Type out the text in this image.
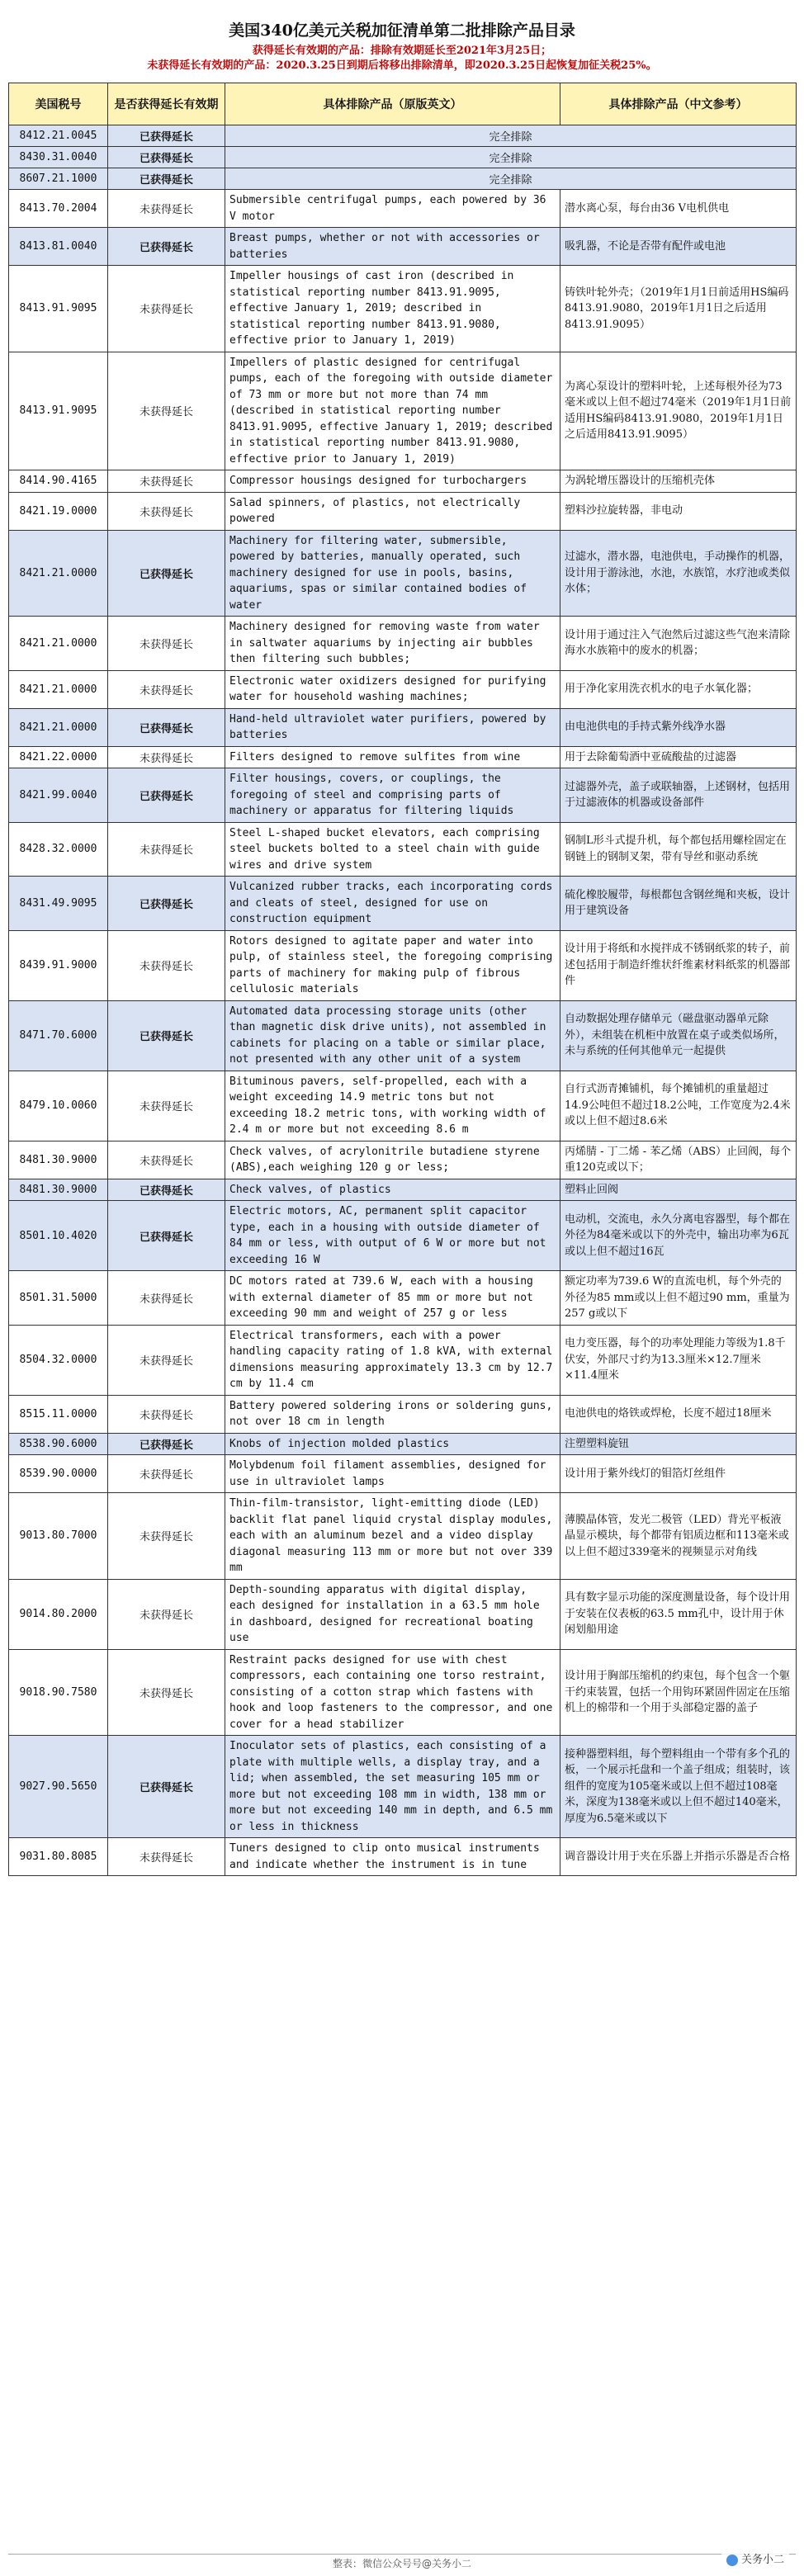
美国340亿美元关税加征清单第二批排除产品目录
获得延长有效期的产品：排除有效期延长至2021年3月25日；
未获得延长有效期的产品：2020.3.25日到期后将移出排除清单，即2020.3.25日起恢复加征关税25%。
美国税号	是否获得延长有效期	具体排除产品（原版英文）	具体排除产品（中文参考）
8412.21.0045	已获得延长	完全排除	
8430.31.0040	已获得延长	完全排除	
8607.21.1000	已获得延长	完全排除	
8413.70.2004	未获得延长	Submersible centrifugal pumps, each powered by 36 V motor	潜水离心泵，每台由36 V电机供电
8413.81.0040	已获得延长	Breast pumps, whether or not with accessories or batteries	吸乳器，不论是否带有配件或电池
8413.91.9095	未获得延长	Impeller housings of cast iron (described in statistical reporting number 8413.91.9095, effective January 1, 2019; described in statistical reporting number 8413.91.9080, effective prior to January 1, 2019)	铸铁叶轮外壳；（2019年1月1日前适用HS编码8413.91.9080，2019年1月1日之后适用8413.91.9095）
8413.91.9095	未获得延长	Impellers of plastic designed for centrifugal pumps, each of the foregoing with outside diameter of 73 mm or more but not more than 74 mm (described in statistical reporting number 8413.91.9095, effective January 1, 2019; described in statistical reporting number 8413.91.9080, effective prior to January 1, 2019)	为离心泵设计的塑料叶轮，上述每根外径为73毫米或以上但不超过74毫米（2019年1月1日前适用HS编码8413.91.9080，2019年1月1日之后适用8413.91.9095）
8414.90.4165	未获得延长	Compressor housings designed for turbochargers	为涡轮增压器设计的压缩机壳体
8421.19.0000	未获得延长	Salad spinners, of plastics, not electrically powered	塑料沙拉旋转器，非电动
8421.21.0000	已获得延长	Machinery for filtering water, submersible, powered by batteries, manually operated, such machinery designed for use in pools, basins, aquariums, spas or similar contained bodies of water	过滤水，潜水器，电池供电，手动操作的机器，设计用于游泳池，水池，水族馆，水疗池或类似水体；
8421.21.0000	未获得延长	Machinery designed for removing waste from water in saltwater aquariums by injecting air bubbles then filtering such bubbles;	设计用于通过注入气泡然后过滤这些气泡来清除海水水族箱中的废水的机器；
8421.21.0000	未获得延长	Electronic water oxidizers designed for purifying water for household washing machines;	用于净化家用洗衣机水的电子水氧化器；
8421.21.0000	已获得延长	Hand-held ultraviolet water purifiers, powered by batteries	由电池供电的手持式紫外线净水器
8421.22.0000	未获得延长	Filters designed to remove sulfites from wine	用于去除葡萄酒中亚硫酸盐的过滤器
8421.99.0040	已获得延长	Filter housings, covers, or couplings, the foregoing of steel and comprising parts of machinery or apparatus for filtering liquids	过滤器外壳，盖子或联轴器，上述钢材，包括用于过滤液体的机器或设备部件
8428.32.0000	未获得延长	Steel L-shaped bucket elevators, each comprising steel buckets bolted to a steel chain with guide wires and drive system	钢制L形斗式提升机，每个都包括用螺栓固定在钢链上的钢制叉架，带有导丝和驱动系统
8431.49.9095	已获得延长	Vulcanized rubber tracks, each incorporating cords and cleats of steel, designed for use on construction equipment	硫化橡胶履带，每根都包含钢丝绳和夹板，设计用于建筑设备
8439.91.9000	未获得延长	Rotors designed to agitate paper and water into pulp, of stainless steel, the foregoing comprising parts of machinery for making pulp of fibrous cellulosic materials	设计用于将纸和水搅拌成不锈钢纸浆的转子，前述包括用于制造纤维状纤维素材料纸浆的机器部件
8471.70.6000	已获得延长	Automated data processing storage units (other than magnetic disk drive units), not assembled in cabinets for placing on a table or similar place, not presented with any other unit of a system	自动数据处理存储单元（磁盘驱动器单元除外），未组装在机柜中放置在桌子或类似场所，未与系统的任何其他单元一起提供
8479.10.0060	未获得延长	Bituminous pavers, self-propelled, each with a weight exceeding 14.9 metric tons but not exceeding 18.2 metric tons, with working width of 2.4 m or more but not exceeding 8.6 m	自行式沥青摊铺机，每个摊铺机的重量超过14.9公吨但不超过18.2公吨，工作宽度为2.4米或以上但不超过8.6米
8481.30.9000	未获得延长	Check valves, of acrylonitrile butadiene styrene (ABS),each weighing 120 g or less;	丙烯腈 - 丁二烯 - 苯乙烯（ABS）止回阀，每个重120克或以下；
8481.30.9000	已获得延长	Check valves, of plastics	塑料止回阀
8501.10.4020	已获得延长	Electric motors, AC, permanent split capacitor type, each in a housing with outside diameter of 84 mm or less, with output of 6 W or more but not exceeding 16 W	电动机，交流电，永久分离电容器型，每个都在外径为84毫米或以下的外壳中，输出功率为6瓦或以上但不超过16瓦
8501.31.5000	未获得延长	DC motors rated at 739.6 W, each with a housing with external diameter of 85 mm or more but not exceeding 90 mm and weight of 257 g or less	额定功率为739.6 W的直流电机，每个外壳的外径为85 mm或以上但不超过90 mm，重量为257 g或以下
8504.32.0000	未获得延长	Electrical transformers, each with a power handling capacity rating of 1.8 kVA, with external dimensions measuring approximately 13.3 cm by 12.7 cm by 11.4 cm	电力变压器，每个的功率处理能力等级为1.8千伏安，外部尺寸约为13.3厘米×12.7厘米×11.4厘米
8515.11.0000	未获得延长	Battery powered soldering irons or soldering guns, not over 18 cm in length	电池供电的烙铁或焊枪，长度不超过18厘米
8538.90.6000	已获得延长	Knobs of injection molded plastics	注塑塑料旋钮
8539.90.0000	未获得延长	Molybdenum foil filament assemblies, designed for use in ultraviolet lamps	设计用于紫外线灯的钼箔灯丝组件
9013.80.7000	未获得延长	Thin-film-transistor, light-emitting diode (LED) backlit flat panel liquid crystal display modules, each with an aluminum bezel and a video display diagonal measuring 113 mm or more but not over 339 mm	薄膜晶体管，发光二极管（LED）背光平板液晶显示模块，每个都带有铝质边框和113毫米或以上但不超过339毫米的视频显示对角线
9014.80.2000	未获得延长	Depth-sounding apparatus with digital display, each designed for installation in a 63.5 mm hole in dashboard, designed for recreational boating use	具有数字显示功能的深度测量设备，每个设计用于安装在仪表板的63.5 mm孔中，设计用于休闲划船用途
9018.90.7580	未获得延长	Restraint packs designed for use with chest compressors, each containing one torso restraint, consisting of a cotton strap which fastens with hook and loop fasteners to the compressor, and one cover for a head stabilizer	设计用于胸部压缩机的约束包，每个包含一个躯干约束装置，包括一个用钩环紧固件固定在压缩机上的棉带和一个用于头部稳定器的盖子
9027.90.5650	已获得延长	Inoculator sets of plastics, each consisting of a plate with multiple wells, a display tray, and a lid; when assembled, the set measuring 105 mm or more but not exceeding 108 mm in width, 138 mm or more but not exceeding 140 mm in depth, and 6.5 mm or less in thickness	接种器塑料组，每个塑料组由一个带有多个孔的板，一个展示托盘和一个盖子组成；组装时，该组件的宽度为105毫米或以上但不超过108毫米，深度为138毫米或以上但不超过140毫米，厚度为6.5毫米或以下
9031.80.8085	未获得延长	Tuners designed to clip onto musical instruments and indicate whether the instrument is in tune	调音器设计用于夹在乐器上并指示乐器是否合格
整表：微信公众号号@关务小二	关务小二
